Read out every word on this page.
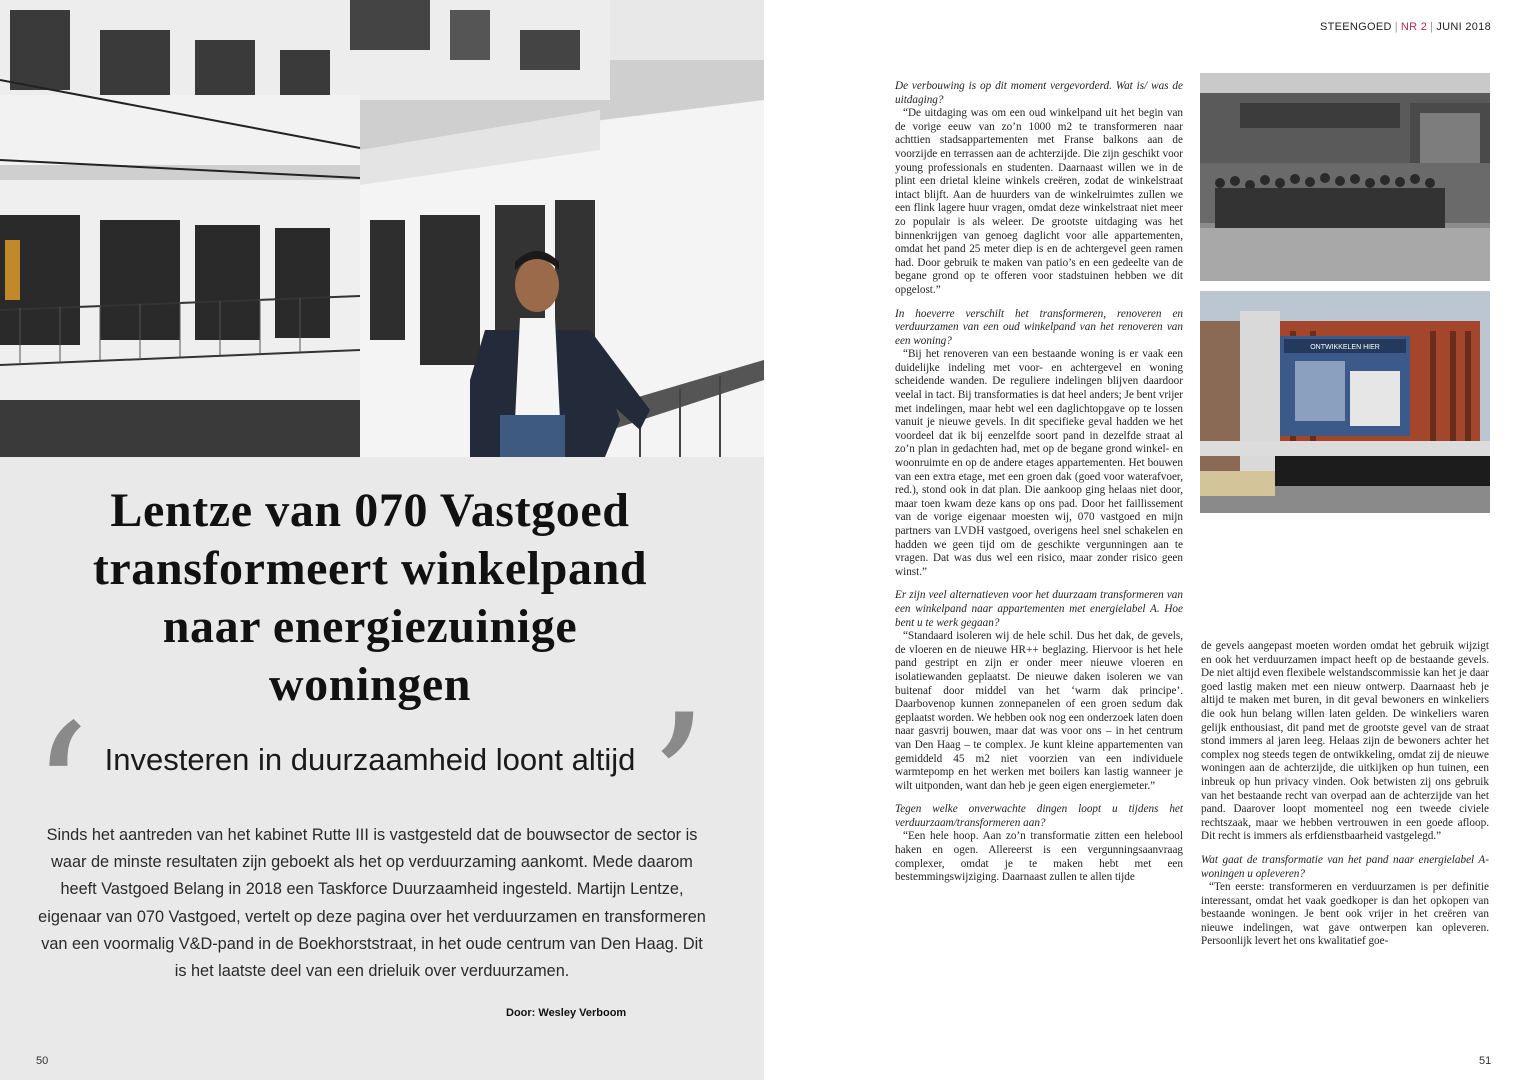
Lentze van 070 Vastgoed
transformeert winkelpand
naar energiezuinige
woningen
‘	’
Investeren in duurzaamheid loont altijd
Sinds het aantreden van het kabinet Rutte III is vastgesteld dat de bouwsector de sector is waar de minste resultaten zijn geboekt als het op verduurzaming aankomt. Mede daarom heeft Vastgoed Belang in 2018 een Taskforce Duurzaamheid ingesteld. Martijn Lentze, eigenaar van 070 Vastgoed, vertelt op deze pagina over het verduurzamen en transformeren van een voormalig V&D-pand in de Boekhorststraat, in het oude centrum van Den Haag. Dit is het laatste deel van een drieluik over verduurzamen.
Door: Wesley Verboom
50
STEENGOED | NR 2 | JUNI 2018

De verbouwing is op dit moment vergevorderd. Wat is/ was de uitdaging?

“De uitdaging was om een oud winkelpand uit het begin van de vorige eeuw van zo’n 1000 m2 te transformeren naar achttien stadsappartementen met Franse balkons aan de voorzijde en terrassen aan de achterzijde. Die zijn geschikt voor young professionals en studenten. Daarnaast willen we in de plint een drietal kleine winkels creëren, zodat de winkelstraat intact blijft. Aan de huurders van de winkelruimtes zullen we een flink lagere huur vragen, omdat deze winkelstraat niet meer zo populair is als weleer. De grootste uitdaging was het binnenkrijgen van genoeg daglicht voor alle appartementen, omdat het pand 25 meter diep is en de achtergevel geen ramen had. Door gebruik te maken van patio’s en een gedeelte van de begane grond op te offeren voor stadstuinen hebben we dit opgelost.”

In hoeverre verschilt het transformeren, renoveren en verduurzamen van een oud winkelpand van het renoveren van een woning?

“Bij het renoveren van een bestaande woning is er vaak een duidelijke indeling met voor- en achtergevel en woning scheidende wanden. De reguliere indelingen blijven daardoor veelal in tact. Bij transformaties is dat heel anders; Je bent vrijer met indelingen, maar hebt wel een daglichtopgave op te lossen vanuit je nieuwe gevels. In dit specifieke geval hadden we het voordeel dat ik bij eenzelfde soort pand in dezelfde straat al zo’n plan in gedachten had, met op de begane grond winkel- en woonruimte en op de andere etages appartementen. Het bouwen van een extra etage, met een groen dak (goed voor waterafvoer, red.), stond ook in dat plan. Die aankoop ging helaas niet door, maar toen kwam deze kans op ons pad. Door het faillissement van de vorige eigenaar moesten wij, 070 vastgoed en mijn partners van LVDH vastgoed, overigens heel snel schakelen en hadden we geen tijd om de geschikte vergunningen aan te vragen. Dat was dus wel een risico, maar zonder risico geen winst.”

Er zijn veel alternatieven voor het duurzaam transformeren van een winkelpand naar appartementen met energielabel A. Hoe bent u te werk gegaan?

“Standaard isoleren wij de hele schil. Dus het dak, de gevels, de vloeren en de nieuwe HR++ beglazing. Hiervoor is het hele pand gestript en zijn er onder meer nieuwe vloeren en isolatiewanden geplaatst. De nieuwe daken isoleren we van buitenaf door middel van het ‘warm dak principe’. Daarbovenop kunnen zonnepanelen of een groen sedum dak geplaatst worden. We hebben ook nog een onderzoek laten doen naar gasvrij bouwen, maar dat was voor ons – in het centrum van Den Haag – te complex. Je kunt kleine appartementen van gemiddeld 45 m2 niet voorzien van een individuele warmtepomp en het werken met boilers kan lastig wanneer je wilt uitponden, want dan heb je geen eigen energiemeter.”

Tegen welke onverwachte dingen loopt u tijdens het verduurzaam/transformeren aan?

“Een hele hoop. Aan zo’n transformatie zitten een helebool haken en ogen. Allereerst is een vergunningsaanvraag complexer, omdat je te maken hebt met een bestemmingswijziging. Daarnaast zullen te allen tijde

ONTWIKKELEN HIER

de gevels aangepast moeten worden omdat het gebruik wijzigt en ook het verduurzamen impact heeft op de bestaande gevels. De niet altijd even flexibele welstandscommissie kan het je daar goed lastig maken met een nieuw ontwerp. Daarnaast heb je altijd te maken met buren, in dit geval bewoners en winkeliers die ook hun belang willen laten gelden. De winkeliers waren gelijk enthousiast, dit pand met de grootste gevel van de straat stond immers al jaren leeg. Helaas zijn de bewoners achter het complex nog steeds tegen de ontwikkeling, omdat zij de nieuwe woningen aan de achterzijde, die uitkijken op hun tuinen, een inbreuk op hun privacy vinden. Ook betwisten zij ons gebruik van het bestaande recht van overpad aan de achterzijde van het pand. Daarover loopt momenteel nog een tweede civiele rechtszaak, maar we hebben vertrouwen in een goede afloop. Dit recht is immers als erfdienstbaarheid vastgelegd.”

Wat gaat de transformatie van het pand naar energielabel A-woningen u opleveren?

“Ten eerste: transformeren en verduurzamen is per definitie interessant, omdat het vaak goedkoper is dan het opkopen van bestaande woningen. Je bent ook vrijer in het creëren van nieuwe indelingen, wat gave ontwerpen kan opleveren. Persoonlijk levert het ons kwalitatief goe-

51
